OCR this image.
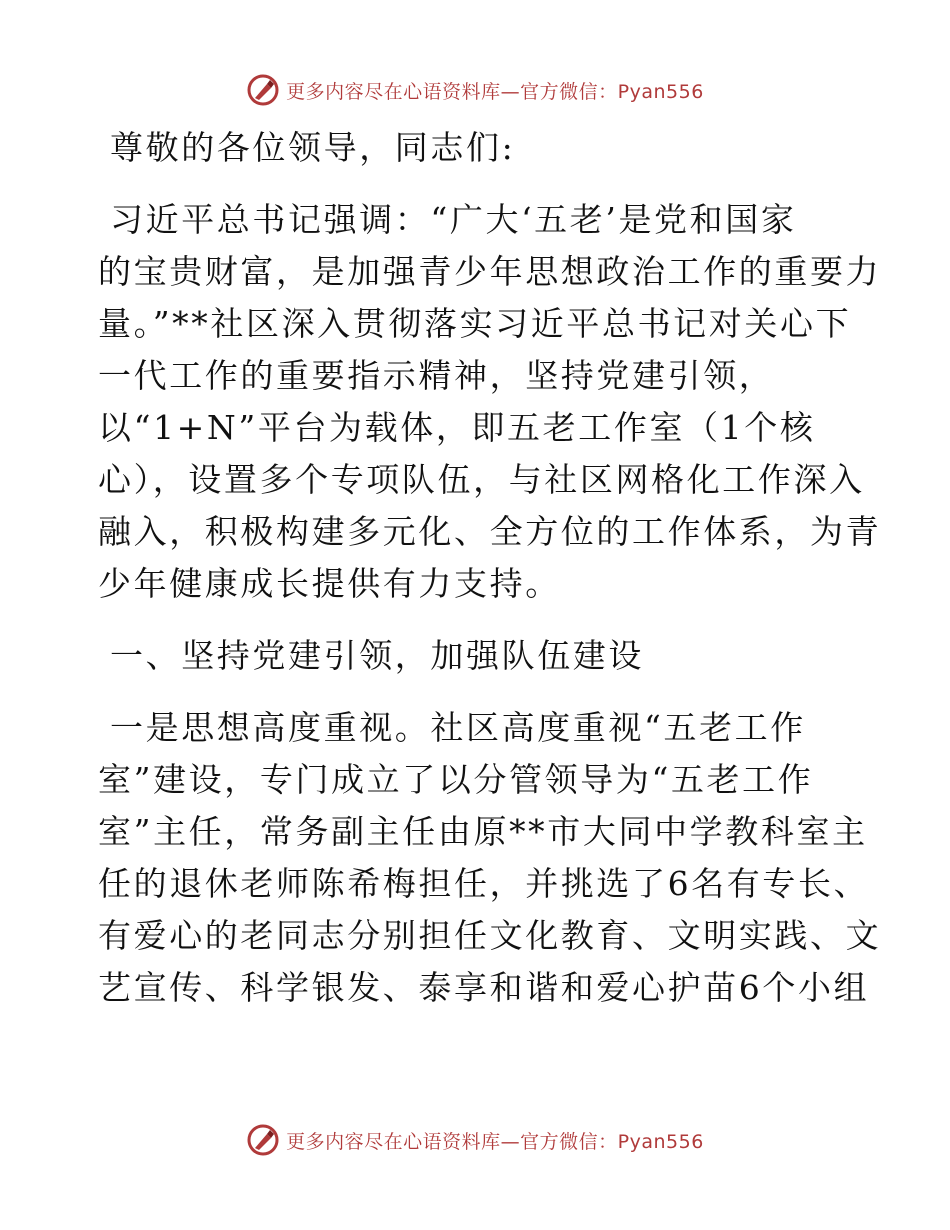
更多内容尽在心语资料库—官方微信：Pyan556
尊敬的各位领导，同志们:
习近平总书记强调：“广大‘五老’是党和国家
的宝贵财富，是加强青少年思想政治工作的重要力
量。”**社区深入贯彻落实习近平总书记对关心下
一代工作的重要指示精神，坚持党建引领，
以“1+N”平台为载体，即五老工作室（1个核
心），设置多个专项队伍，与社区网格化工作深入
融入，积极构建多元化、全方位的工作体系，为青
少年健康成长提供有力支持。
一、坚持党建引领，加强队伍建设
一是思想高度重视。社区高度重视“五老工作
室”建设，专门成立了以分管领导为“五老工作
室”主任，常务副主任由原**市大同中学教科室主
任的退休老师陈希梅担任，并挑选了6名有专长、
有爱心的老同志分别担任文化教育、文明实践、文
艺宣传、科学银发、泰享和谐和爱心护苗6个小组
更多内容尽在心语资料库—官方微信：Pyan556
